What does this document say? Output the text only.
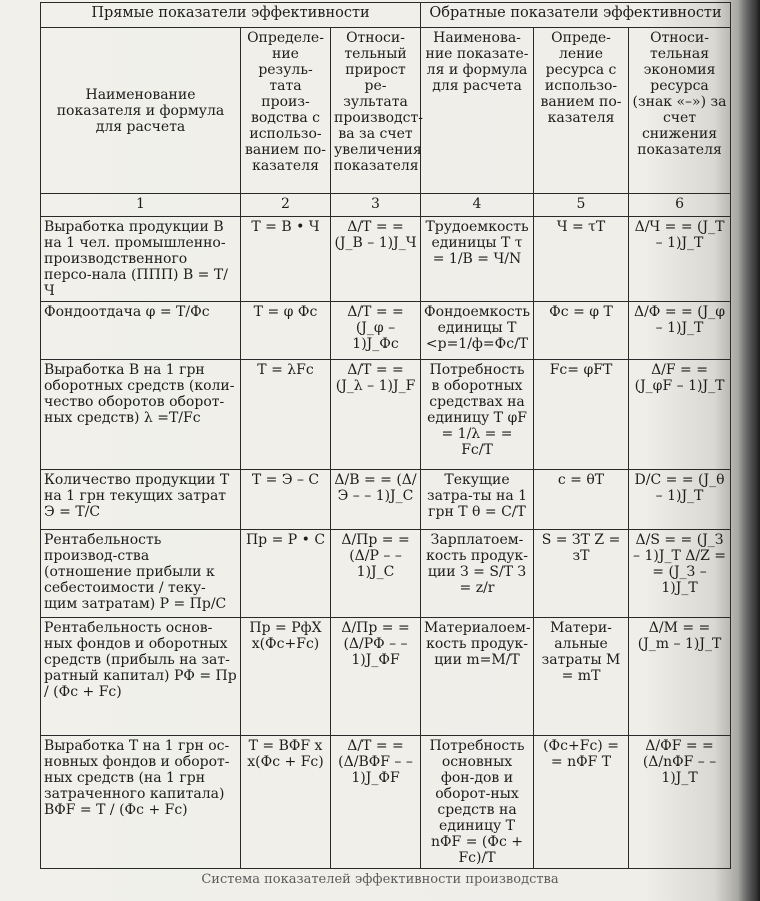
Прямые показатели эффективности			Обратные показатели эффективности		
Наименование показателя и формула для расчета	Определе-ние резуль-тата произ-водства с использо-ванием по-казателя	Относи-тельный прирост ре-зультата производст-ва за счет увеличения показателя	Наименова-ние показате-ля и формула для расчета	Опреде-ление ресурса с использо-ванием по-казателя	Относи-тельная экономия ресурса (знак «–») за счет снижения показателя
1	2	3	4	5	6
Выработка продукции B на 1 чел. промышленно-производственного персо-нала (ППП) B = T/Ч	T = B • Ч	Δ/T = = (J_B – 1)J_Ч	Трудоемкость единицы T τ = 1/B = Ч/N	Ч = τT	Δ/Ч = = (J_T – 1)J_T
Фондоотдача φ = T/Фc	T = φ Фc	Δ/T = = (J_φ – 1)J_Фc	Фондоемкость единицы T <p=1/ф=Фс/T	Фc = φ T	Δ/Ф = = (J_φ – 1)J_T
Выработка В на 1 грн оборотных средств (коли-чество оборотов оборот-ных средств) λ =T/Fc	T = λFc	Δ/T = = (J_λ – 1)J_F	Потребность в оборотных средствах на единицу T φF = 1/λ = = Fc/T	Fc= φFT	Δ/F = = (J_φF – 1)J_T
Количество продукции T на 1 грн текущих затрат Э = T/C	T = Э – C	Δ/B = = (Δ/Э – – 1)J_C	Текущие затра-ты на 1 грн T θ = C/T	c = θT	D/C = = (J_θ – 1)J_T
Рентабельность производ-ства (отношение прибыли к себестоимости / теку-щим затратам) P = Пр/C	Пр = P • C	Δ/Пр = = (Δ/P – – 1)J_C	Зарплатоем-кость продук-ции З = S/T З = z/r	S = ЗT Z = зT	Δ/S = = (J_З – 1)J_T Δ/Z = = (J_З – 1)J_T
Рентабельность основ-ных фондов и оборотных средств (прибыль на зат-ратный капитал) PΦ = Пр / (Фc + Fc)	Пр = PфX x(Фc+Fc)	Δ/Пр = = (Δ/PΦ – – 1)J_ФF	Материалоем-кость продук-ции m=M/T	Матери-альные затраты M = mT	Δ/M = = (J_m – 1)J_T
Выработка T на 1 грн ос-новных фондов и оборот-ных средств (на 1 грн затраченного капитала) BΦF = T / (Фc + Fc)	T = BΦF x x(Фc + Fc)	Δ/T = = (Δ/BΦF – – 1)J_ФF	Потребность основных фон-дов и оборот-ных средств на единицу T nΦF = (Фc + Fc)/T	(Фc+Fc) = = nΦF T	Δ/ФF = = (Δ/nΦF – – 1)J_T
Система показателей эффективности производства
